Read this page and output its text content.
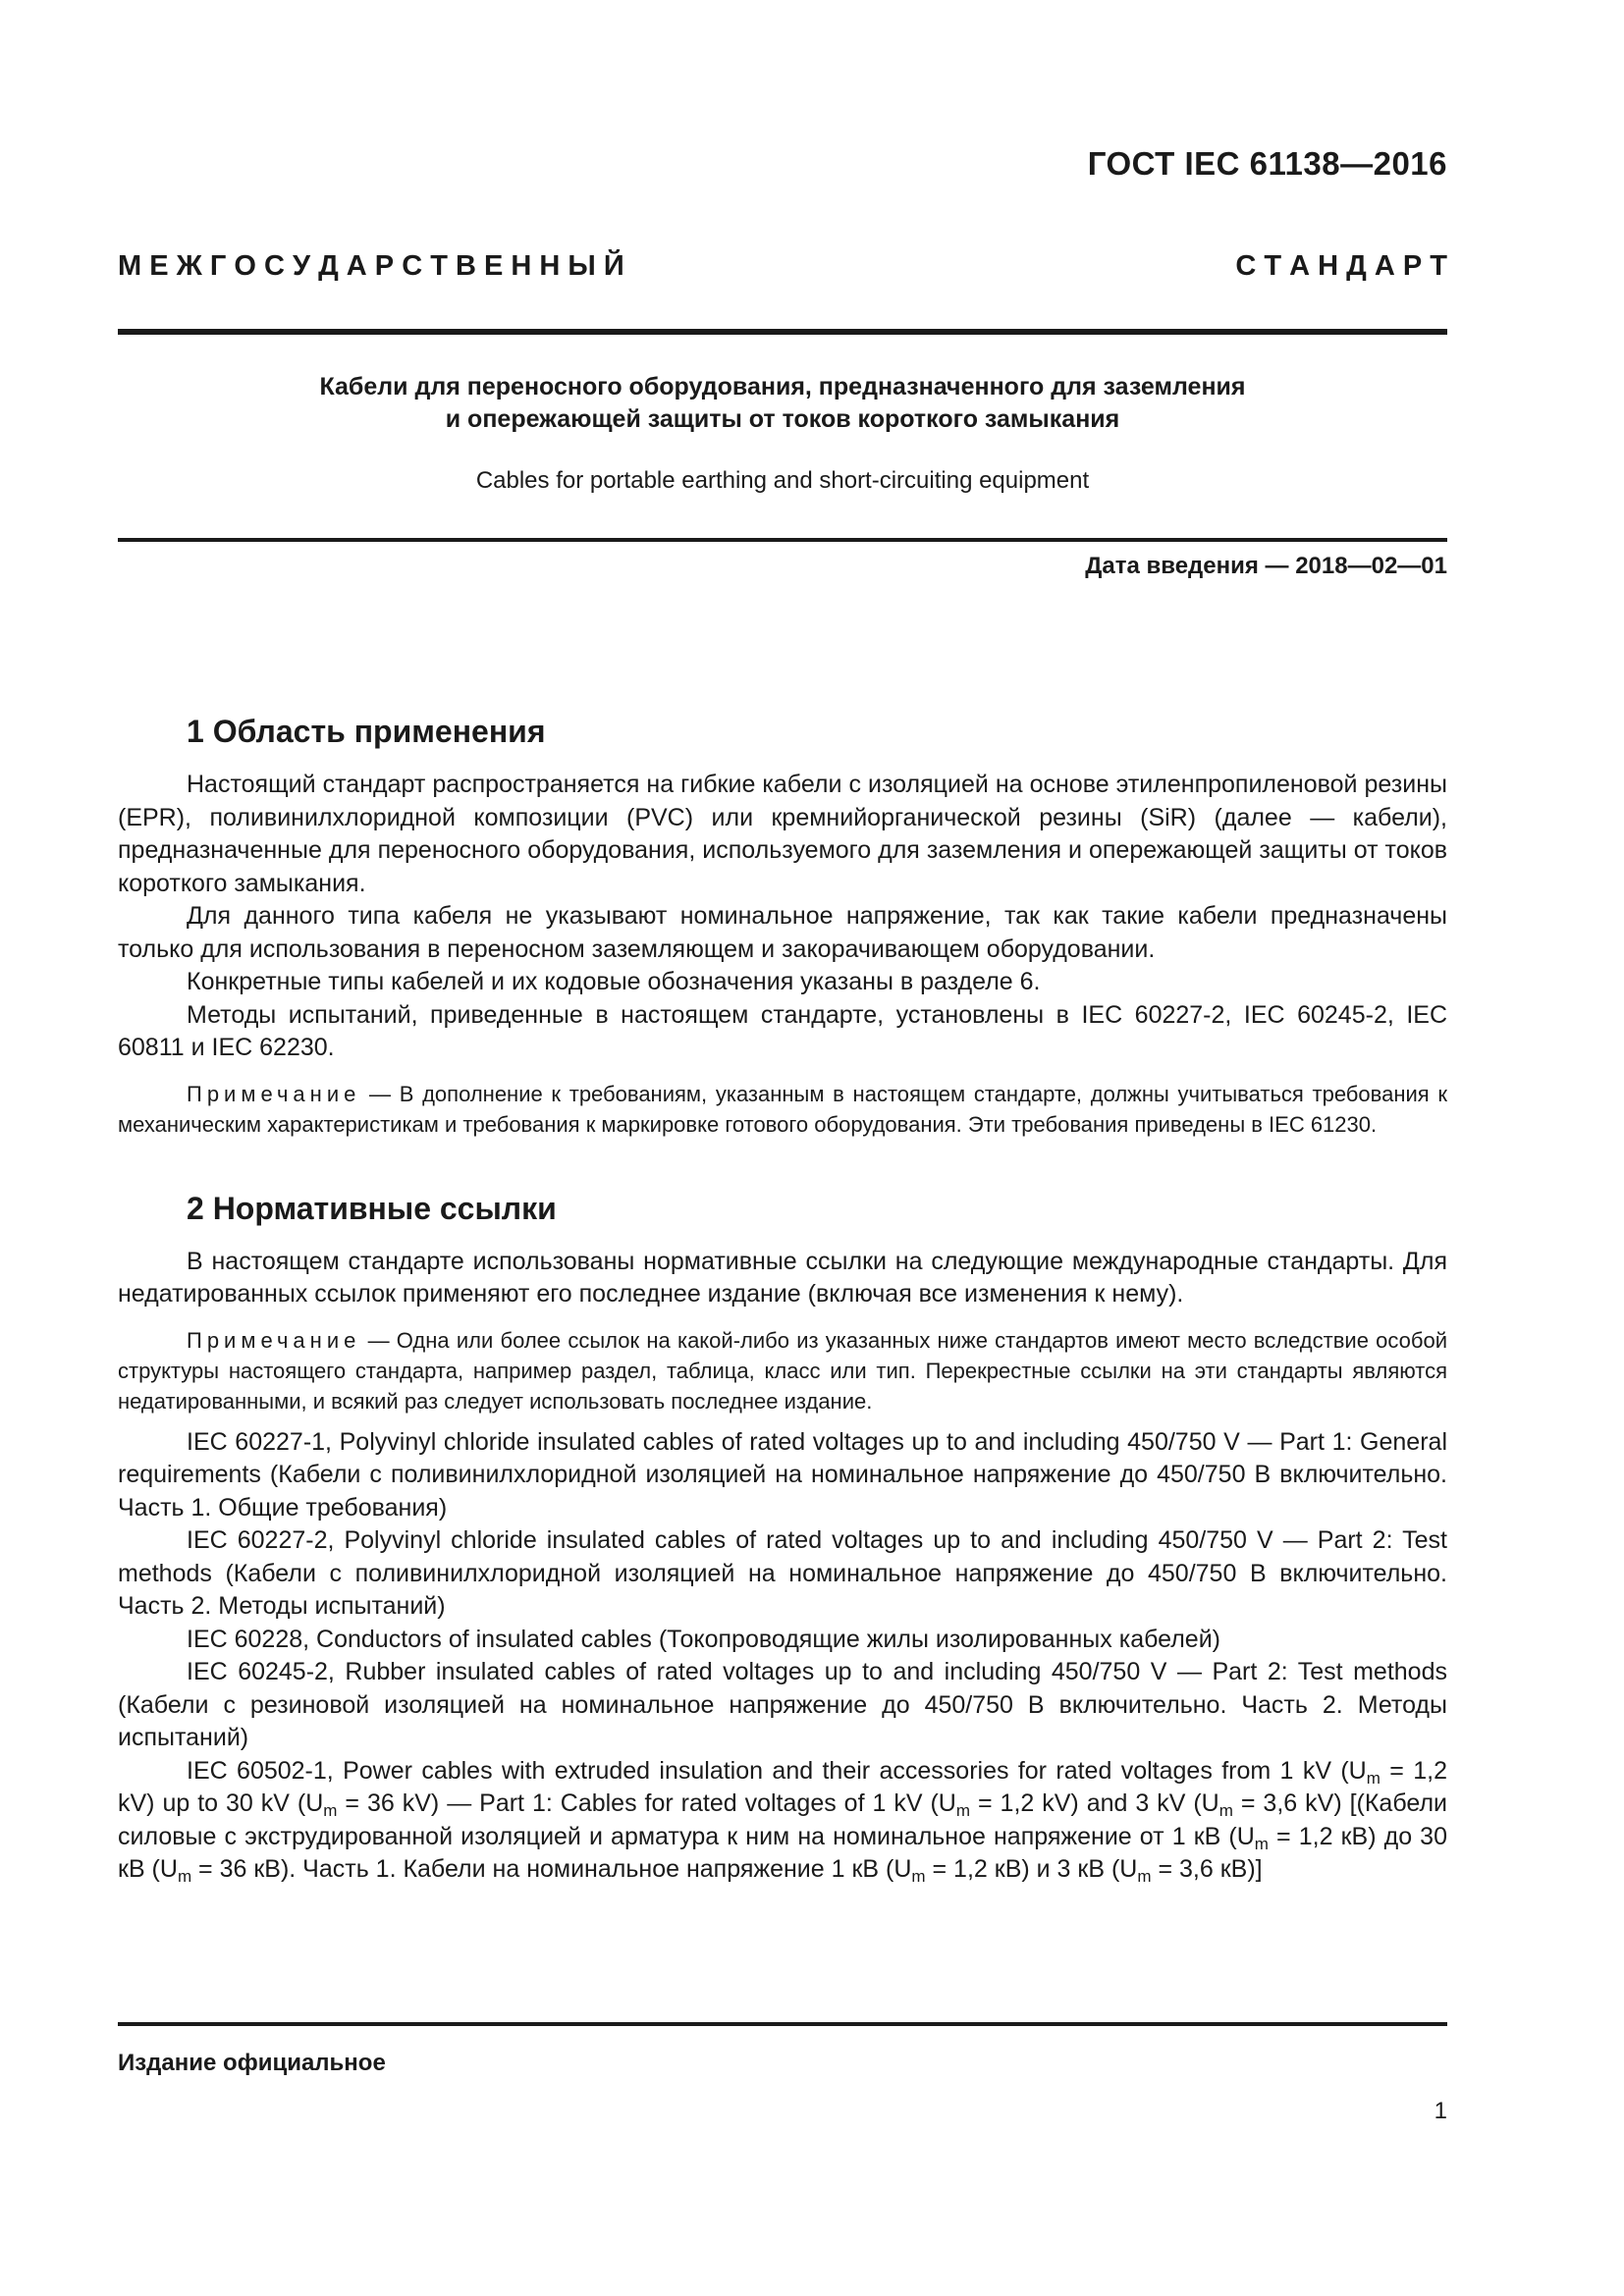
ГОСТ IEC 61138—2016
М Е Ж Г О С У Д А Р С Т В Е Н Н Ы Й	С Т А Н Д А Р Т
Кабели для переносного оборудования, предназначенного для заземления
и опережающей защиты от токов короткого замыкания
Cables for portable earthing and short-circuiting equipment
Дата введения — 2018—02—01
1 Область применения

Настоящий стандарт распространяется на гибкие кабели с изоляцией на основе этиленпропиленовой резины (EPR), поливинилхлоридной композиции (PVC) или кремнийорганической резины (SiR) (далее — кабели), предназначенные для переносного оборудования, используемого для заземления и опережающей защиты от токов короткого замыкания.

Для данного типа кабеля не указывают номинальное напряжение, так как такие кабели предназначены только для использования в переносном заземляющем и закорачивающем оборудовании.

Конкретные типы кабелей и их кодовые обозначения указаны в разделе 6.

Методы испытаний, приведенные в настоящем стандарте, установлены в IEC 60227-2, IEC 60245-2, IEC 60811 и IEC 62230.

Примечание — В дополнение к требованиям, указанным в настоящем стандарте, должны учитываться требования к механическим характеристикам и требования к маркировке готового оборудования. Эти требования приведены в IEC 61230.

2 Нормативные ссылки

В настоящем стандарте использованы нормативные ссылки на следующие международные стандарты. Для недатированных ссылок применяют его последнее издание (включая все изменения к нему).

Примечание — Одна или более ссылок на какой-либо из указанных ниже стандартов имеют место вследствие особой структуры настоящего стандарта, например раздел, таблица, класс или тип. Перекрестные ссылки на эти стандарты являются недатированными, и всякий раз следует использовать последнее издание.

IEC 60227-1, Polyvinyl chloride insulated cables of rated voltages up to and including 450/750 V — Part 1: General requirements (Кабели с поливинилхлоридной изоляцией на номинальное напряжение до 450/750 В включительно. Часть 1. Общие требования)

IEC 60227-2, Polyvinyl chloride insulated cables of rated voltages up to and including 450/750 V — Part 2: Test methods (Кабели с поливинилхлоридной изоляцией на номинальное напряжение до 450/750 В включительно. Часть 2. Методы испытаний)

IEC 60228, Conductors of insulated cables (Токопроводящие жилы изолированных кабелей)

IEC 60245-2, Rubber insulated cables of rated voltages up to and including 450/750 V — Part 2: Test methods (Кабели с резиновой изоляцией на номинальное напряжение до 450/750 В включительно. Часть 2. Методы испытаний)

IEC 60502-1, Power cables with extruded insulation and their accessories for rated voltages from 1 kV ($U_m = 1,2$ kV) up to 30 kV ($U_m = 36$ kV) — Part 1: Cables for rated voltages of 1 kV ($U_m = 1,2$ kV) and 3 kV ($U_m = 3,6$ kV) [(Кабели силовые с экструдированной изоляцией и арматура к ним на номинальное напряжение от 1 кВ ($U_m = 1,2$ кВ) до 30 кВ ($U_m = 36$ кВ). Часть 1. Кабели на номинальное напряжение 1 кВ ($U_m = 1,2$ кВ) и 3 кВ ($U_m = 3,6$ кВ)]

Издание официальное
1
